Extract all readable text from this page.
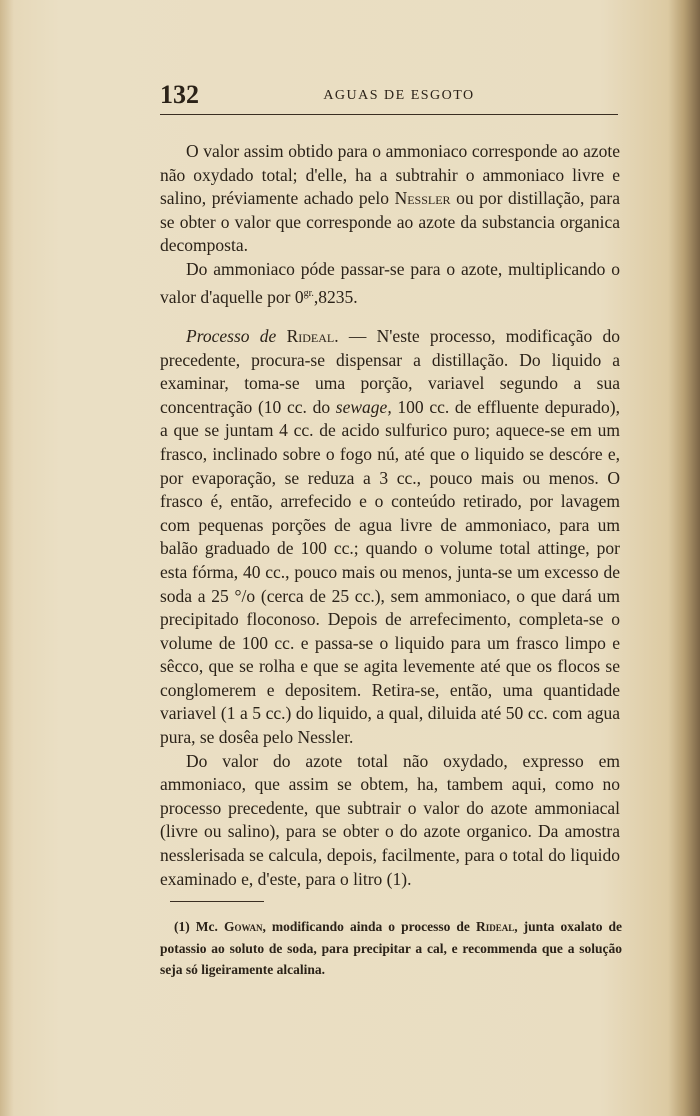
132	AGUAS DE ESGOTO

O valor assim obtido para o ammoniaco corresponde ao azote não oxydado total; d'elle, ha a subtrahir o ammoniaco livre e salino, préviamente achado pelo Nessler ou por distillação, para se obter o valor que corresponde ao azote da substancia organica decomposta.

Do ammoniaco póde passar-se para o azote, multiplicando o valor d'aquelle por $0^{gr.},8235$.

Processo de Rideal. — N'este processo, modificação do precedente, procura-se dispensar a distillação. Do liquido a examinar, toma-se uma porção, variavel segundo a sua concentração (10 cc. do sewage, 100 cc. de effluente depurado), a que se juntam 4 cc. de acido sulfurico puro; aquece-se em um frasco, inclinado sobre o fogo nú, até que o liquido se descóre e, por evaporação, se reduza a 3 cc., pouco mais ou menos. O frasco é, então, arrefecido e o conteúdo retirado, por lavagem com pequenas porções de agua livre de ammoniaco, para um balão graduado de 100 cc.; quando o volume total attinge, por esta fórma, 40 cc., pouco mais ou menos, junta-se um excesso de soda a 25 °/o (cerca de 25 cc.), sem ammoniaco, o que dará um precipitado floconoso. Depois de arrefecimento, completa-se o volume de 100 cc. e passa-se o liquido para um frasco limpo e sêcco, que se rolha e que se agita levemente até que os flocos se conglomerem e depositem. Retira-se, então, uma quantidade variavel (1 a 5 cc.) do liquido, a qual, diluida até 50 cc. com agua pura, se dosêa pelo Nessler.

Do valor do azote total não oxydado, expresso em ammoniaco, que assim se obtem, ha, tambem aqui, como no processo precedente, que subtrair o valor do azote ammoniacal (livre ou salino), para se obter o do azote organico. Da amostra nesslerisada se calcula, depois, facilmente, para o total do liquido examinado e, d'este, para o litro (1).

(1) Mc. Gowan, modificando ainda o processo de Rideal, junta oxalato de potassio ao soluto de soda, para precipitar a cal, e recommenda que a solução seja só ligeiramente alcalina.
